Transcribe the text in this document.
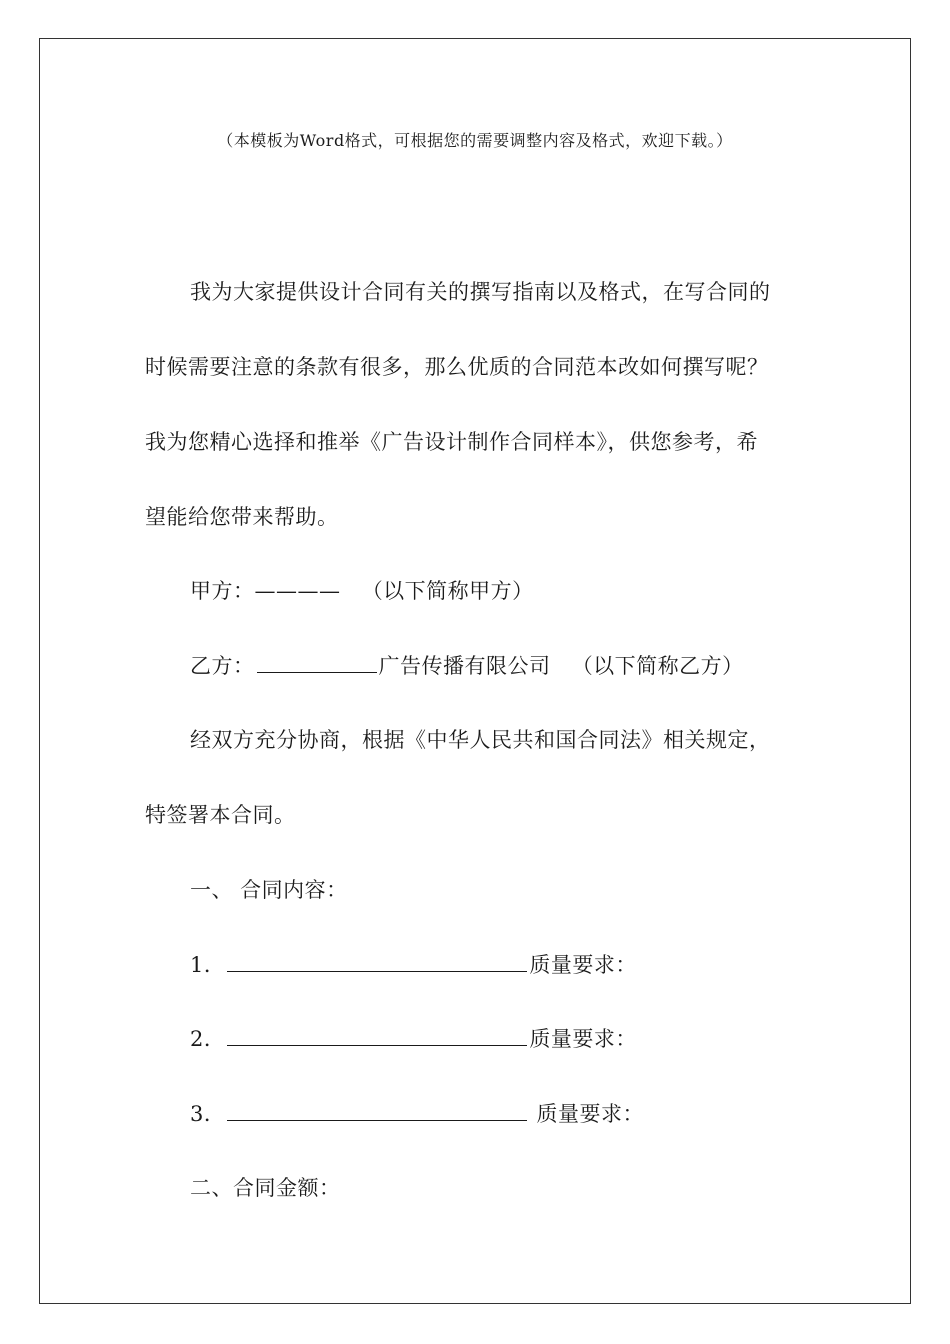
（本模板为Word格式，可根据您的需要调整内容及格式，欢迎下载。）
我为大家提供设计合同有关的撰写指南以及格式，在写合同的
时候需要注意的条款有很多，那么优质的合同范本改如何撰写呢？
我为您精心选择和推举《广告设计制作合同样本》，供您参考，希
望能给您带来帮助。
甲方：———— （以下简称甲方）
乙方：	广告传播有限公司 （以下简称乙方）
经双方充分协商，根据《中华人民共和国合同法》相关规定，
特签署本合同。
一、 合同内容：
1．	质量要求：
2．	质量要求：
3．	质量要求：
二、合同金额：
